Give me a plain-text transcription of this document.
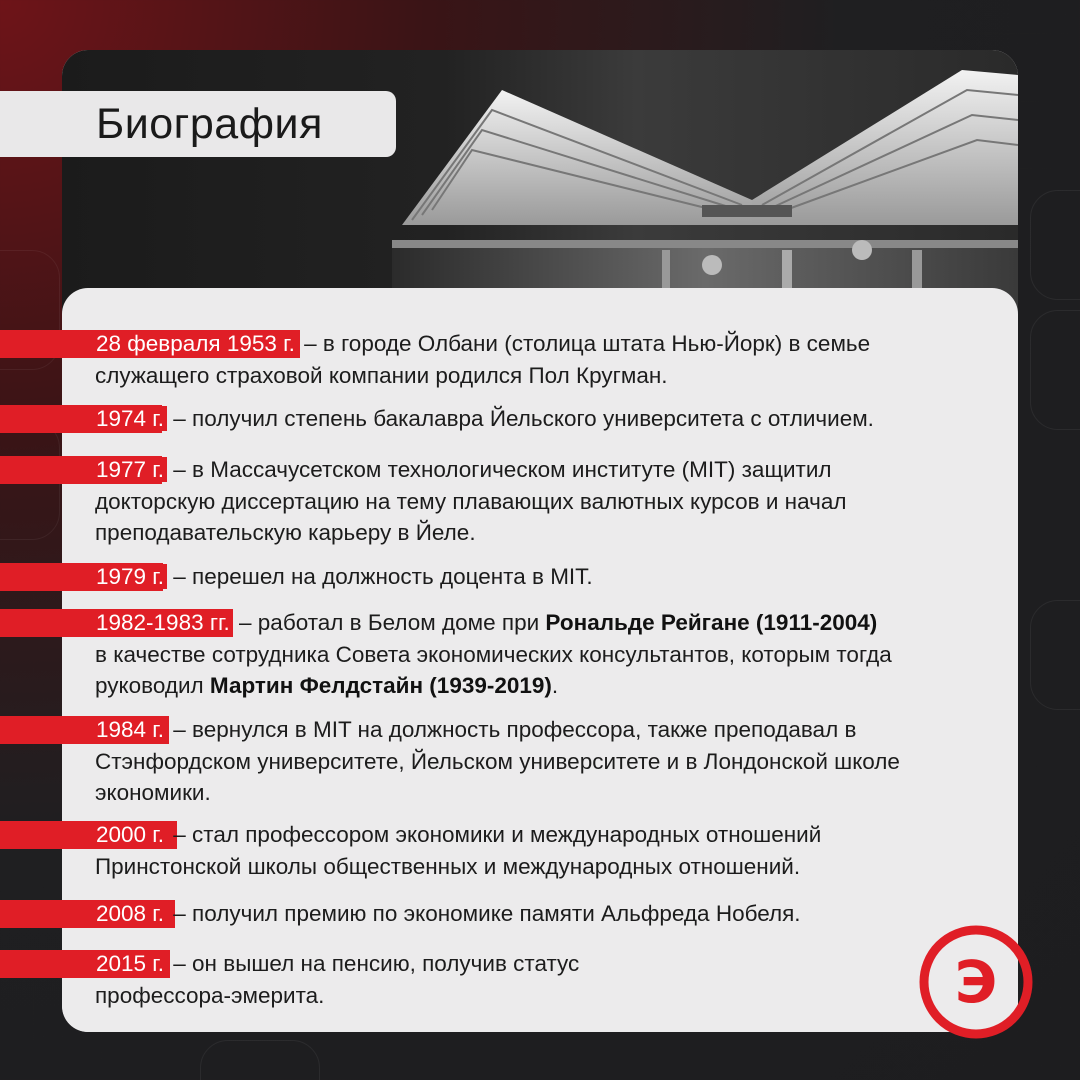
Биография
28 февраля 1953 г. – в городе Олбани (столица штата Нью-Йорк) в семье
служащего страховой компании родился Пол Кругман.
1974 г. – получил степень бакалавра Йельского университета с отличием.
1977 г. – в Массачусетском технологическом институте (MIT) защитил
докторскую диссертацию на тему плавающих валютных курсов и начал
преподавательскую карьеру в Йеле.
1979 г. – перешел на должность доцента в MIT.
1982-1983 гг. – работал в Белом доме при Рональде Рейгане (1911-2004)
в качестве сотрудника Совета экономических консультантов, которым тогда
руководил Мартин Фелдстайн (1939-2019).
1984 г. – вернулся в MIT на должность профессора, также преподавал в
Стэнфордском университете, Йельском университете и в Лондонской школе
экономики.
2000 г. – стал профессором экономики и международных отношений
Принстонской школы общественных и международных отношений.
2008 г. – получил премию по экономике памяти Альфреда Нобеля.
2015 г. – он вышел на пенсию, получив статус
профессора-эмерита.	Э
